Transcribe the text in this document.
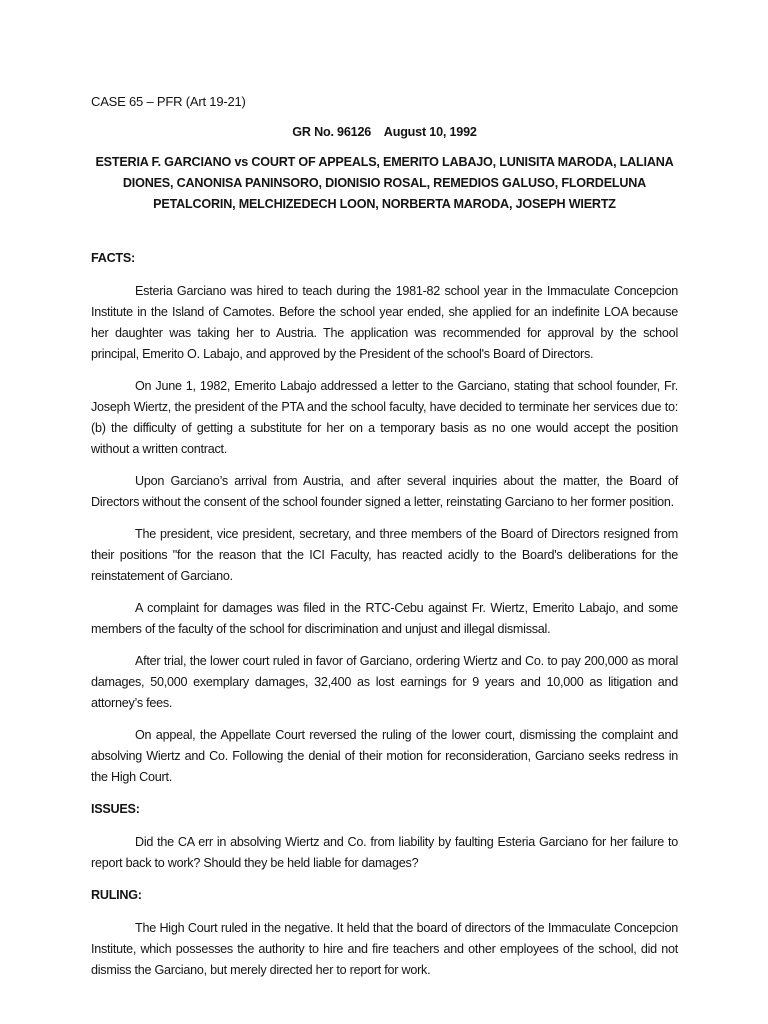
CASE 65 – PFR (Art 19-21)
GR No. 96126    August 10, 1992
ESTERIA F. GARCIANO vs COURT OF APPEALS, EMERITO LABAJO, LUNISITA MARODA, LALIANA DIONES, CANONISA PANINSORO, DIONISIO ROSAL, REMEDIOS GALUSO, FLORDELUNA PETALCORIN, MELCHIZEDECH LOON, NORBERTA MARODA, JOSEPH WIERTZ
FACTS:

Esteria Garciano was hired to teach during the 1981-82 school year in the Immaculate Concepcion Institute in the Island of Camotes. Before the school year ended, she applied for an indefinite LOA because her daughter was taking her to Austria. The application was recommended for approval by the school principal, Emerito O. Labajo, and approved by the President of the school's Board of Directors.

On June 1, 1982, Emerito Labajo addressed a letter to the Garciano, stating that school founder, Fr. Joseph Wiertz, the president of the PTA and the school faculty, have decided to terminate her services due to: (b) the difficulty of getting a substitute for her on a temporary basis as no one would accept the position without a written contract.

Upon Garciano’s arrival from Austria, and after several inquiries about the matter, the Board of Directors without the consent of the school founder signed a letter, reinstating Garciano to her former position.

The president, vice president, secretary, and three members of the Board of Directors resigned from their positions "for the reason that the ICI Faculty, has reacted acidly to the Board's deliberations for the reinstatement of Garciano.

A complaint for damages was filed in the RTC-Cebu against Fr. Wiertz, Emerito Labajo, and some members of the faculty of the school for discrimination and unjust and illegal dismissal.

After trial, the lower court ruled in favor of Garciano, ordering Wiertz and Co. to pay 200,000 as moral damages, 50,000 exemplary damages, 32,400 as lost earnings for 9 years and 10,000 as litigation and attorney’s fees.

On appeal, the Appellate Court reversed the ruling of the lower court, dismissing the complaint and absolving Wiertz and Co. Following the denial of their motion for reconsideration, Garciano seeks redress in the High Court.

ISSUES:

Did the CA err in absolving Wiertz and Co. from liability by faulting Esteria Garciano for her failure to report back to work? Should they be held liable for damages?

RULING:

The High Court ruled in the negative. It held that the board of directors of the Immaculate Concepcion Institute, which possesses the authority to hire and fire teachers and other employees of the school, did not dismiss the Garciano, but merely directed her to report for work.
